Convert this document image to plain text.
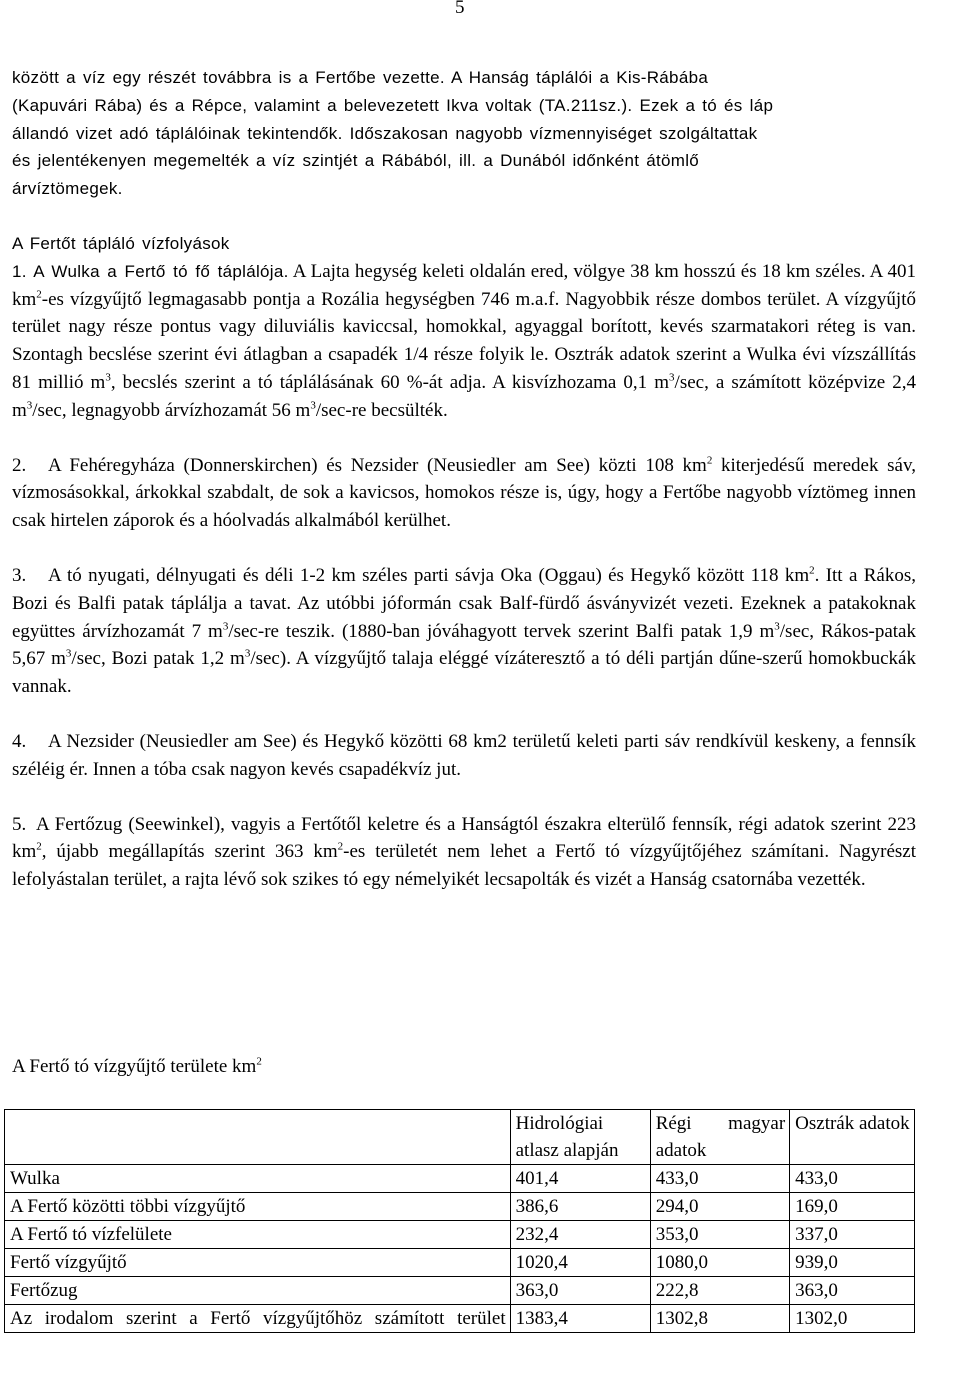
5

között a víz egy részét továbbra is a Fertőbe vezette. A Hanság táplálói a Kis-Rábába
(Kapuvári Rába) és a Répce, valamint a belevezetett Ikva voltak (TA.211sz.). Ezek a tó és láp
állandó vizet adó táplálóinak tekintendők. Időszakosan nagyobb vízmennyiséget szolgáltattak
és jelentékenyen megemelték a víz szintjét a Rábából, ill. a Dunából időnként átömlő
árvíztömegek.

A Fertőt tápláló vízfolyások

1. A Wulka a Fertő tó fő táplálója. A Lajta hegység keleti oldalán ered, völgye 38 km hosszú és 18 km széles. A 401 $km^2-es$ vízgyűjtő legmagasabb pontja a Rozália hegységben 746 m.a.f. Nagyobbik része dombos terület. A vízgyűjtő terület nagy része pontus vagy diluviális kaviccsal, homokkal, agyaggal borított, kevés szarmatakori réteg is van. Szontagh becslése szerint évi átlagban a csapadék 1/4 része folyik le. Osztrák adatok szerint a Wulka évi vízszállítás 81 millió $m^3$, becslés szerint a tó táplálásának 60 %-át adja. A kisvízhozama 0,1 $m^3/\sec$, a számított középvize 2,4 $m^3/\sec$, legnagyobb árvízhozamát 56 $m^3/\sec-re$ becsülték.

2. A Fehéregyháza (Donnerskirchen) és Nezsider (Neusiedler am See) közti 108 $km^2$ kiterjedésű meredek sáv, vízmosásokkal, árkokkal szabdalt, de sok a kavicsos, homokos része is, úgy, hogy a Fertőbe nagyobb víztömeg innen csak hirtelen záporok és a hóolvadás alkalmából kerülhet.

3. A tó nyugati, délnyugati és déli 1-2 km széles parti sávja Oka (Oggau) és Hegykő között 118 $km^2$. Itt a Rákos, Bozi és Balfi patak táplálja a tavat. Az utóbbi jóformán csak Balf-fürdő ásványvizét vezeti. Ezeknek a patakoknak együttes árvízhozamát 7 $m^3/\sec-re$ teszik. (1880-ban jóváhagyott tervek szerint Balfi patak 1,9 $m^3/\sec$, Rákos-patak 5,67 $m^3/\sec$, Bozi patak 1,2 $m^3/\sec$). A vízgyűjtő talaja eléggé vízáteresztő a tó déli partján dűne-szerű homokbuckák vannak.

4. A Nezsider (Neusiedler am See) és Hegykő közötti 68 km2 területű keleti parti sáv rendkívül keskeny, a fennsík széléig ér. Innen a tóba csak nagyon kevés csapadékvíz jut.

5. A Fertőzug (Seewinkel), vagyis a Fertőtől keletre és a Hanságtól északra elterülő fennsík, régi adatok szerint 223 $km^2$, újabb megállapítás szerint 363 $km^2-es$ területét nem lehet a Fertő tó vízgyűjtőjéhez számítani. Nagyrészt lefolyástalan terület, a rajta lévő sok szikes tó egy némelyikét lecsapolták és vizét a Hanság csatornába vezették.

A Fertő tó vízgyűjtő területe $km^2$
	Hidrológiai atlasz alapján	Régi magyar adatok	Osztrák adatok
Wulka	401,4	433,0	433,0
A Fertő közötti többi vízgyűjtő	386,6	294,0	169,0
A Fertő tó vízfelülete	232,4	353,0	337,0
Fertő vízgyűjtő	1020,4	1080,0	939,0
Fertőzug	363,0	222,8	363,0

Az irodalom szerint a Fertő vízgyűjtőhöz számított terület	1383,4	1302,8	1302,0
